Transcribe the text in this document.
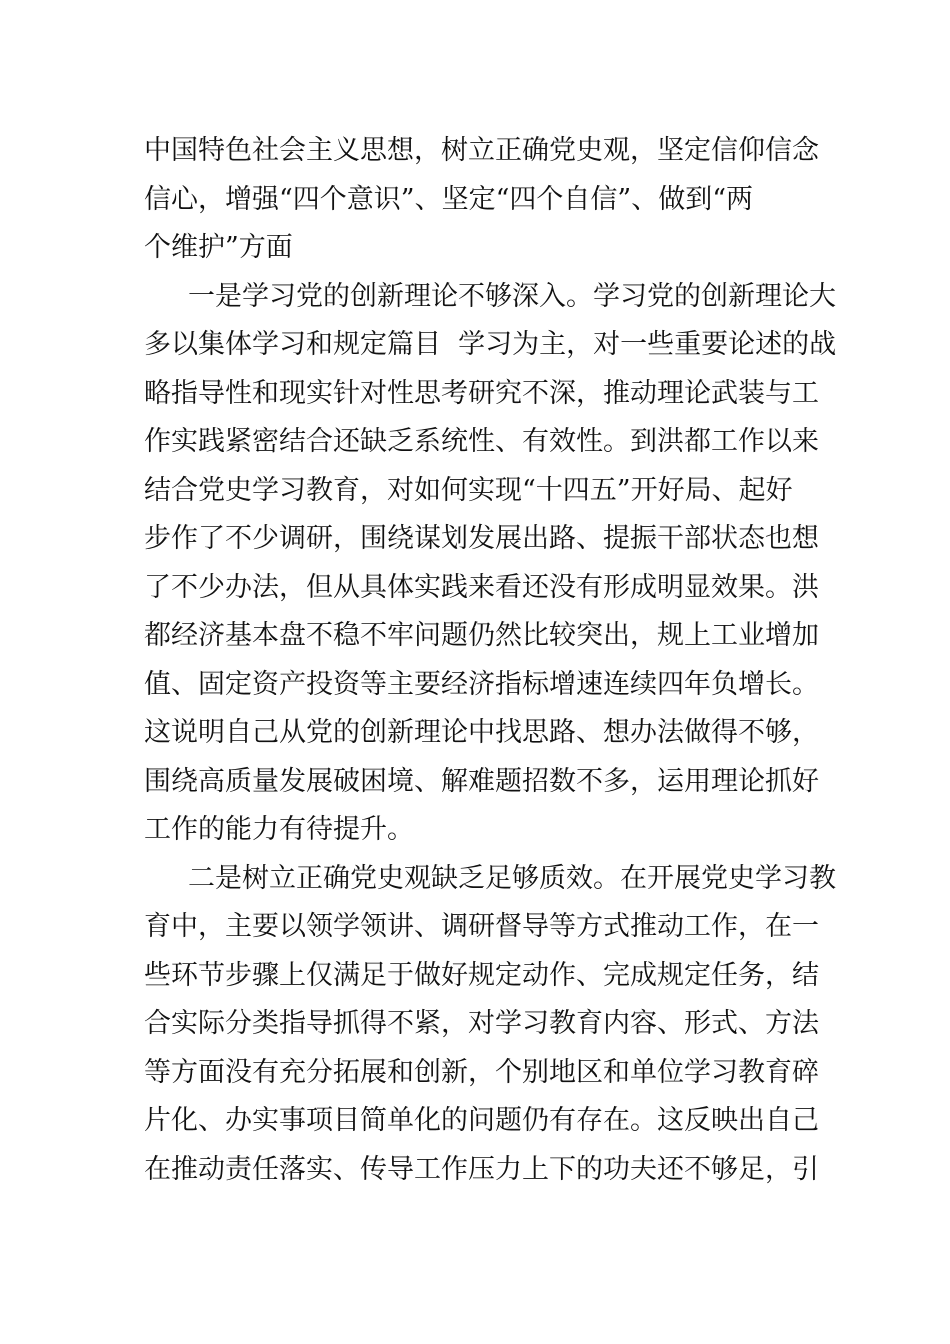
中国特色社会主义思想，树立正确党史观，坚定信仰信念
信心，增强“四个意识”、坚定“四个自信”、做到“两
个维护”方面
一是学习党的创新理论不够深入。学习党的创新理论大
多以集体学习和规定篇目  学习为主，对一些重要论述的战
略指导性和现实针对性思考研究不深，推动理论武装与工
作实践紧密结合还缺乏系统性、有效性。到洪都工作以来
结合党史学习教育，对如何实现“十四五”开好局、起好
步作了不少调研，围绕谋划发展出路、提振干部状态也想
了不少办法，但从具体实践来看还没有形成明显效果。洪
都经济基本盘不稳不牢问题仍然比较突出，规上工业增加
值、固定资产投资等主要经济指标增速连续四年负增长。
这说明自己从党的创新理论中找思路、想办法做得不够，
围绕高质量发展破困境、解难题招数不多，运用理论抓好
工作的能力有待提升。
二是树立正确党史观缺乏足够质效。在开展党史学习教
育中，主要以领学领讲、调研督导等方式推动工作，在一
些环节步骤上仅满足于做好规定动作、完成规定任务，结
合实际分类指导抓得不紧，对学习教育内容、形式、方法
等方面没有充分拓展和创新，个别地区和单位学习教育碎
片化、办实事项目简单化的问题仍有存在。这反映出自己
在推动责任落实、传导工作压力上下的功夫还不够足，引
